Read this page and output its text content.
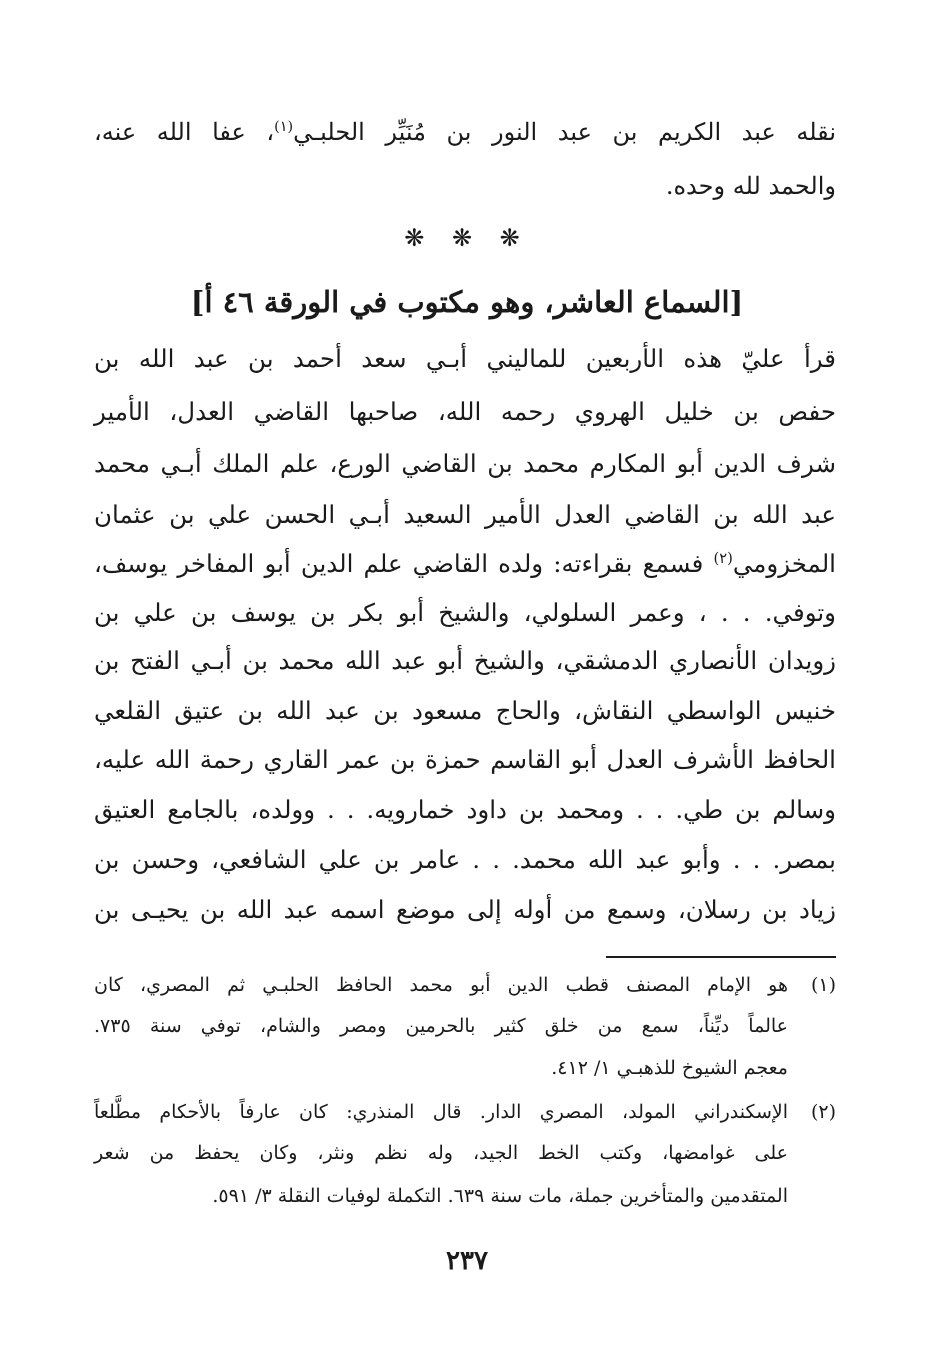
نقله عبد الكريم بن عبد النور بن مُنَيِّر الحلبـي$^{(١)}$، عفا الله عنه،
والحمد لله وحده.
❋ ❋ ❋
[السماع العاشر، وهو مكتوب في الورقة ٤٦ أ]
قرأ عليّ هذه الأربعين للماليني أبـي سعد أحمد بن عبد الله بن
حفص بن خليل الهروي رحمه الله، صاحبها القاضي العدل، الأمير
شرف الدين أبو المكارم محمد بن القاضي الورع، علم الملك أبـي محمد
عبد الله بن القاضي العدل الأمير السعيد أبـي الحسن علي بن عثمان
المخزومي$^{(٢)}$ فسمع بقراءته: ولده القاضي علم الدين أبو المفاخر يوسف،
وتوفي. . . ، وعمر السلولي، والشيخ أبو بكر بن يوسف بن علي بن
زويدان الأنصاري الدمشقي، والشيخ أبو عبد الله محمد بن أبـي الفتح بن
خنيس الواسطي النقاش، والحاج مسعود بن عبد الله بن عتيق القلعي
الحافظ الأشرف العدل أبو القاسم حمزة بن عمر القاري رحمة الله عليه،
وسالم بن طي. . . ومحمد بن داود خمارويه. . . وولده، بالجامع العتيق
بمصر. . . وأبو عبد الله محمد. . . عامر بن علي الشافعي، وحسن بن
زياد بن رسلان، وسمع من أوله إلى موضع اسمه عبد الله بن يحيـى بن
(١)
هو الإمام المصنف قطب الدين أبو محمد الحافظ الحلبـي ثم المصري، كان
عالماً ديِّناً، سمع من خلق كثير بالحرمين ومصر والشام، توفي سنة ٧٣٥.
معجم الشيوخ للذهبـي ١/ ٤١٢.
(٢)
الإسكندراني المولد، المصري الدار. قال المنذري: كان عارفاً بالأحكام مطَّلعاً
على غوامضها، وكتب الخط الجيد، وله نظم ونثر، وكان يحفظ من شعر
المتقدمين والمتأخرين جملة، مات سنة ٦٣٩. التكملة لوفيات النقلة ٣/ ٥٩١.
٢٣٧
